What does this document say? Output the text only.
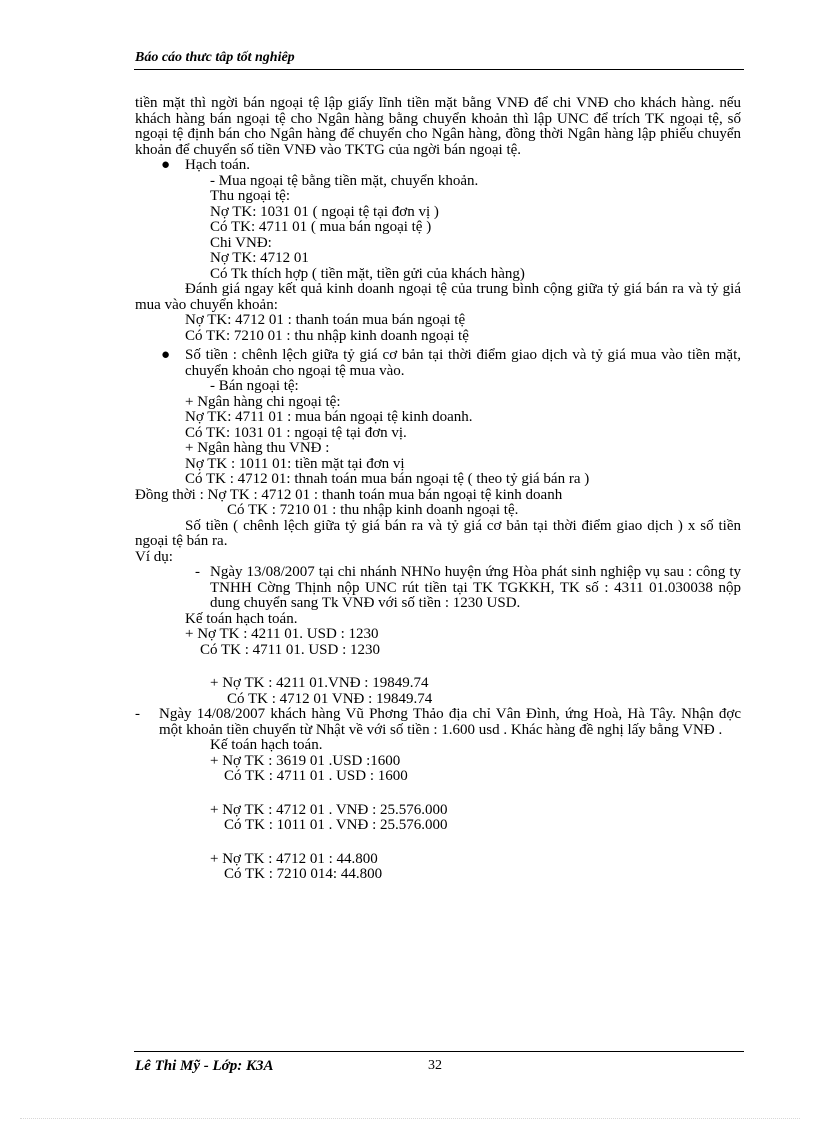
Báo cáo thưc tâp tốt nghiêp
tiền mặt thì ngời bán ngoại tệ lập giấy lĩnh tiền mặt bằng VNĐ để chi VNĐ cho khách hàng. nếu khách hàng bán ngoại tệ cho Ngân hàng bằng chuyển khoản thì lập UNC để trích TK ngoại tệ, số ngoại tệ định bán cho Ngân hàng để chuyển cho Ngân hàng, đồng thời Ngân hàng lập phiếu chuyển khoản để chuyển số tiền VNĐ vào TKTG của ngời bán ngoại tệ.
● Hạch toán.
- Mua ngoại tệ bằng tiền mặt, chuyển khoản.
Thu ngoại tệ:
Nợ TK: 1031 01 ( ngoại tệ tại đơn vị )
Có TK: 4711 01 ( mua bán ngoại tệ )
Chi VNĐ:
Nợ TK: 4712 01
Có Tk thích hợp ( tiền mặt, tiền gửi của khách hàng)
Đánh giá ngay kết quả kinh doanh ngoại tệ của trung bình cộng giữa tỷ giá bán ra và tỷ giá mua vào chuyển khoản:
Nợ TK: 4712 01 : thanh toán mua bán ngoại tệ
Có TK: 7210 01 : thu nhập kinh doanh ngoại tệ
● Số tiền : chênh lệch giữa tỷ giá cơ bản tại thời điểm giao dịch và tỷ giá mua vào tiền mặt, chuyển khoản cho ngoại tệ mua vào.
- Bán ngoại tệ:
+ Ngân hàng chi ngoại tệ:
Nợ TK: 4711 01 : mua bán ngoại tệ kinh doanh.
Có TK: 1031 01 : ngoại tệ tại đơn vị.
+ Ngân hàng thu VNĐ :
Nợ TK : 1011 01: tiền mặt tại đơn vị
Có TK : 4712 01: thnah toán mua bán ngoại tệ ( theo tỷ giá bán ra )
Đồng thời : Nợ TK : 4712 01 : thanh toán mua bán ngoại tệ kinh doanh
Có TK : 7210 01 : thu nhập kinh doanh ngoại tệ.
Số tiền ( chênh lệch giữa tỷ giá bán ra và tỷ giá cơ bản tại thời điểm giao dịch ) x số tiền ngoại tệ bán ra.
Ví dụ:
- Ngày 13/08/2007 tại chi nhánh NHNo huyện ứng Hòa phát sinh nghiệp vụ sau : công ty TNHH Cờng Thịnh nộp UNC rút tiền tại TK TGKKH, TK số : 4311 01.030038 nộp dung chuyển sang Tk VNĐ với số tiền : 1230 USD.
Kế toán hạch toán.
+ Nợ TK : 4211 01. USD : 1230
Có TK : 4711 01. USD : 1230
+ Nợ TK : 4211 01.VNĐ : 19849.74
Có TK : 4712 01 VNĐ : 19849.74
- Ngày 14/08/2007 khách hàng Vũ Phơng Thảo địa chỉ Vân Đình, ứng Hoà, Hà Tây. Nhận đợc một khoản tiền chuyển từ Nhật về với số tiền : 1.600 usd . Khác hàng đề nghị lấy bằng VNĐ .
Kế toán hạch toán.
+ Nợ TK : 3619 01 .USD :1600
Có TK : 4711 01 . USD : 1600
+ Nợ TK : 4712 01 . VNĐ : 25.576.000
Có TK : 1011 01 . VNĐ : 25.576.000
+ Nợ TK : 4712 01 : 44.800
Có TK : 7210 014: 44.800
Lê Thi Mỹ - Lớp: K3A	32
